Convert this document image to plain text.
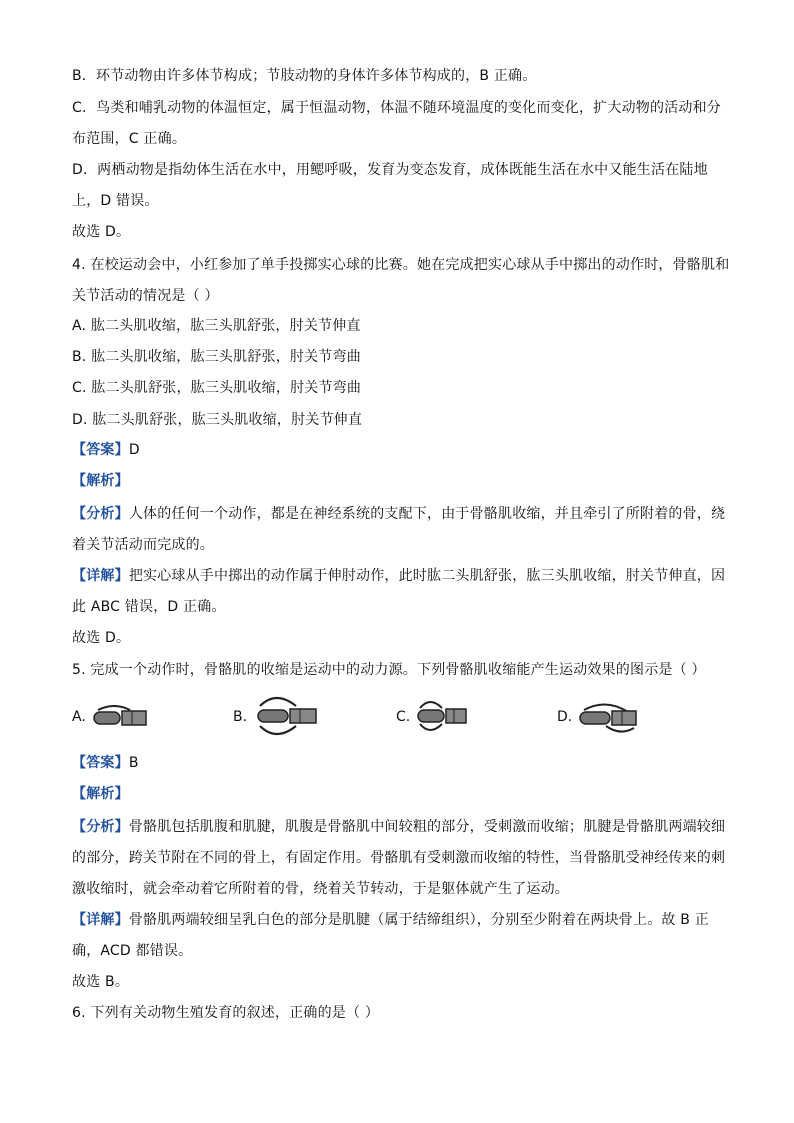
B．环节动物由许多体节构成；节肢动物的身体许多体节构成的，B 正确。
C．鸟类和哺乳动物的体温恒定，属于恒温动物，体温不随环境温度的变化而变化，扩大动物的活动和分
布范围，C 正确。
D．两栖动物是指幼体生活在水中，用鳃呼吸，发育为变态发育，成体既能生活在水中又能生活在陆地
上，D 错误。
故选 D。
4. 在校运动会中，小红参加了单手投掷实心球的比赛。她在完成把实心球从手中掷出的动作时，骨骼肌和
关节活动的情况是（ ）
A. 肱二头肌收缩，肱三头肌舒张，肘关节伸直
B. 肱二头肌收缩，肱三头肌舒张，肘关节弯曲
C. 肱二头肌舒张，肱三头肌收缩，肘关节弯曲
D. 肱二头肌舒张，肱三头肌收缩，肘关节伸直
【答案】D
【解析】
【分析】人体的任何一个动作，都是在神经系统的支配下，由于骨骼肌收缩，并且牵引了所附着的骨，绕
着关节活动而完成的。
【详解】把实心球从手中掷出的动作属于伸肘动作，此时肱二头肌舒张，肱三头肌收缩，肘关节伸直，因
此 ABC 错误，D 正确。
故选 D。
5. 完成一个动作时，骨骼肌的收缩是运动中的动力源。下列骨骼肌收缩能产生运动效果的图示是（ ）
A.	B.	C.	D.
【答案】B
【解析】
【分析】骨骼肌包括肌腹和肌腱，肌腹是骨骼肌中间较粗的部分，受刺激而收缩；肌腱是骨骼肌两端较细
的部分，跨关节附在不同的骨上，有固定作用。骨骼肌有受刺激而收缩的特性，当骨骼肌受神经传来的刺
激收缩时，就会牵动着它所附着的骨，绕着关节转动，于是躯体就产生了运动。
【详解】骨骼肌两端较细呈乳白色的部分是肌腱（属于结缔组织），分别至少附着在两块骨上。故 B 正
确，ACD 都错误。
故选 B。
6. 下列有关动物生殖发育的叙述，正确的是（ ）
